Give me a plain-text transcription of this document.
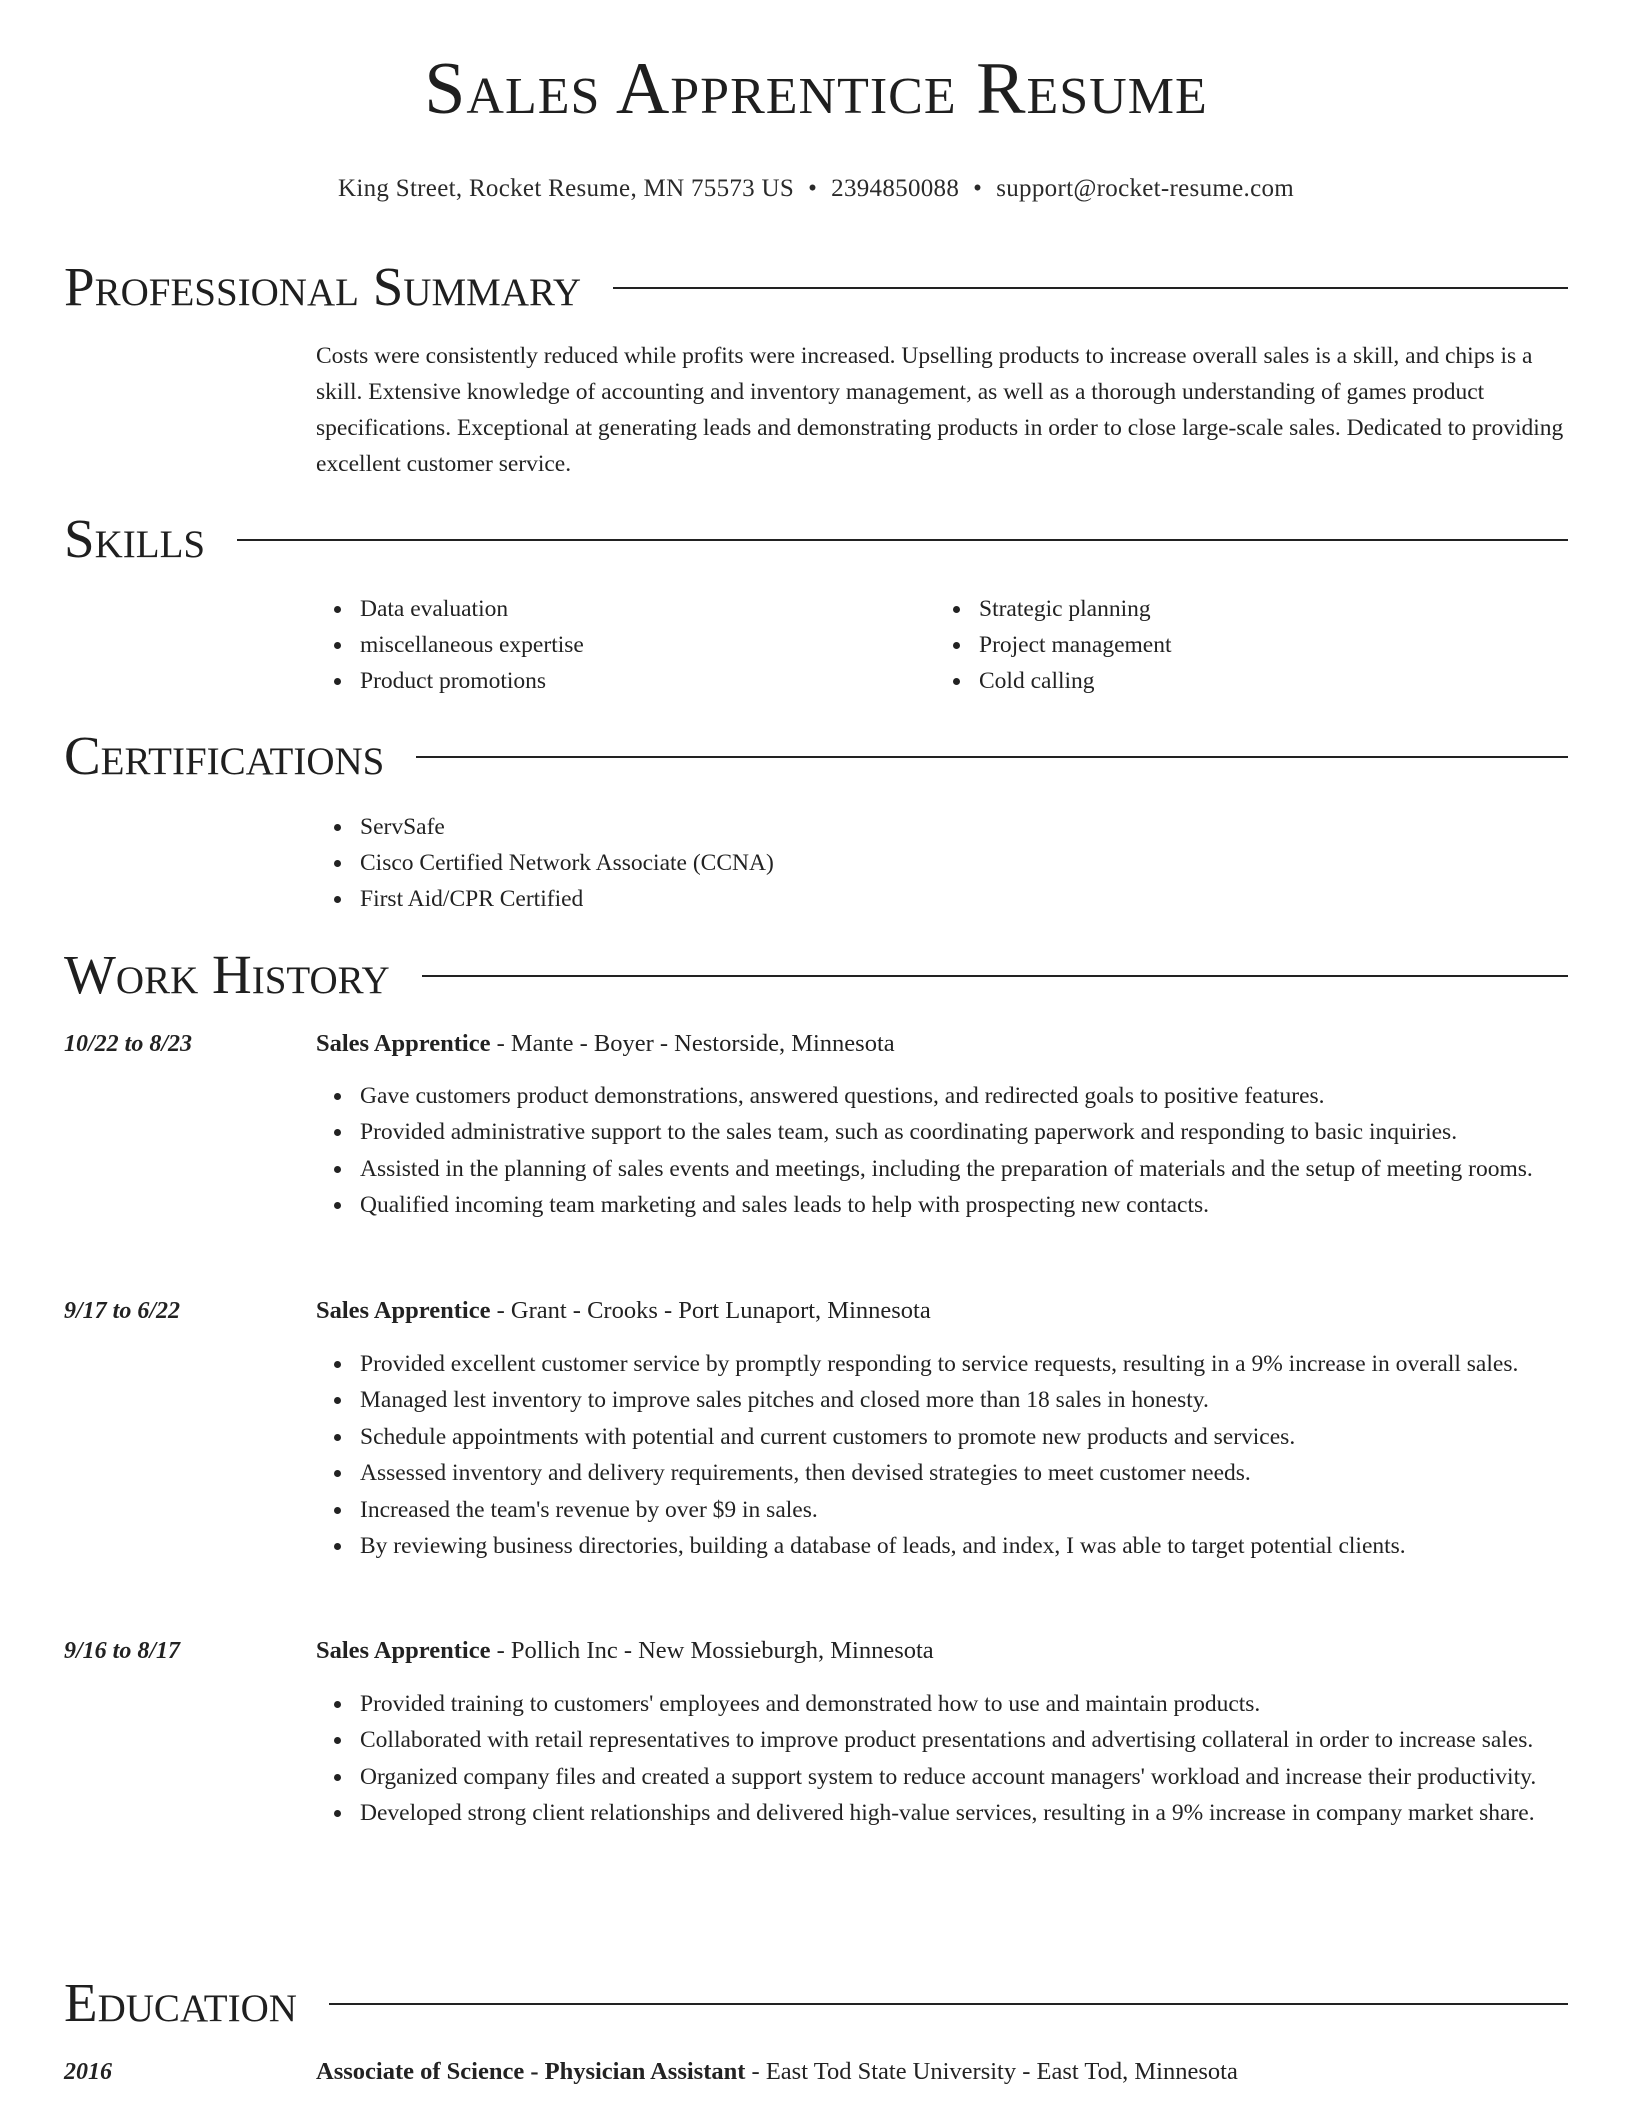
Sales Apprentice Resume
King Street, Rocket Resume, MN 75573 US • 2394850088 • support@rocket-resume.com
Professional Summary
Costs were consistently reduced while profits were increased. Upselling products to increase overall sales is a skill, and chips is a skill. Extensive knowledge of accounting and inventory management, as well as a thorough understanding of games product specifications. Exceptional at generating leads and demonstrating products in order to close large-scale sales. Dedicated to providing excellent customer service.
Skills
Data evaluation
miscellaneous expertise
Product promotions
Strategic planning
Project management
Cold calling
Certifications
ServSafe
Cisco Certified Network Associate (CCNA)
First Aid/CPR Certified
Work History
10/22 to 8/23	Sales Apprentice - Mante - Boyer - Nestorside, Minnesota
Gave customers product demonstrations, answered questions, and redirected goals to positive features.
Provided administrative support to the sales team, such as coordinating paperwork and responding to basic inquiries.
Assisted in the planning of sales events and meetings, including the preparation of materials and the setup of meeting rooms.
Qualified incoming team marketing and sales leads to help with prospecting new contacts.
9/17 to 6/22	Sales Apprentice - Grant - Crooks - Port Lunaport, Minnesota
Provided excellent customer service by promptly responding to service requests, resulting in a 9% increase in overall sales.
Managed lest inventory to improve sales pitches and closed more than 18 sales in honesty.
Schedule appointments with potential and current customers to promote new products and services.
Assessed inventory and delivery requirements, then devised strategies to meet customer needs.
Increased the team's revenue by over $9 in sales.
By reviewing business directories, building a database of leads, and index, I was able to target potential clients.
9/16 to 8/17	Sales Apprentice - Pollich Inc - New Mossieburgh, Minnesota
Provided training to customers' employees and demonstrated how to use and maintain products.
Collaborated with retail representatives to improve product presentations and advertising collateral in order to increase sales.
Organized company files and created a support system to reduce account managers' workload and increase their productivity.
Developed strong client relationships and delivered high-value services, resulting in a 9% increase in company market share.
Education
2016	Associate of Science - Physician Assistant - East Tod State University - East Tod, Minnesota
